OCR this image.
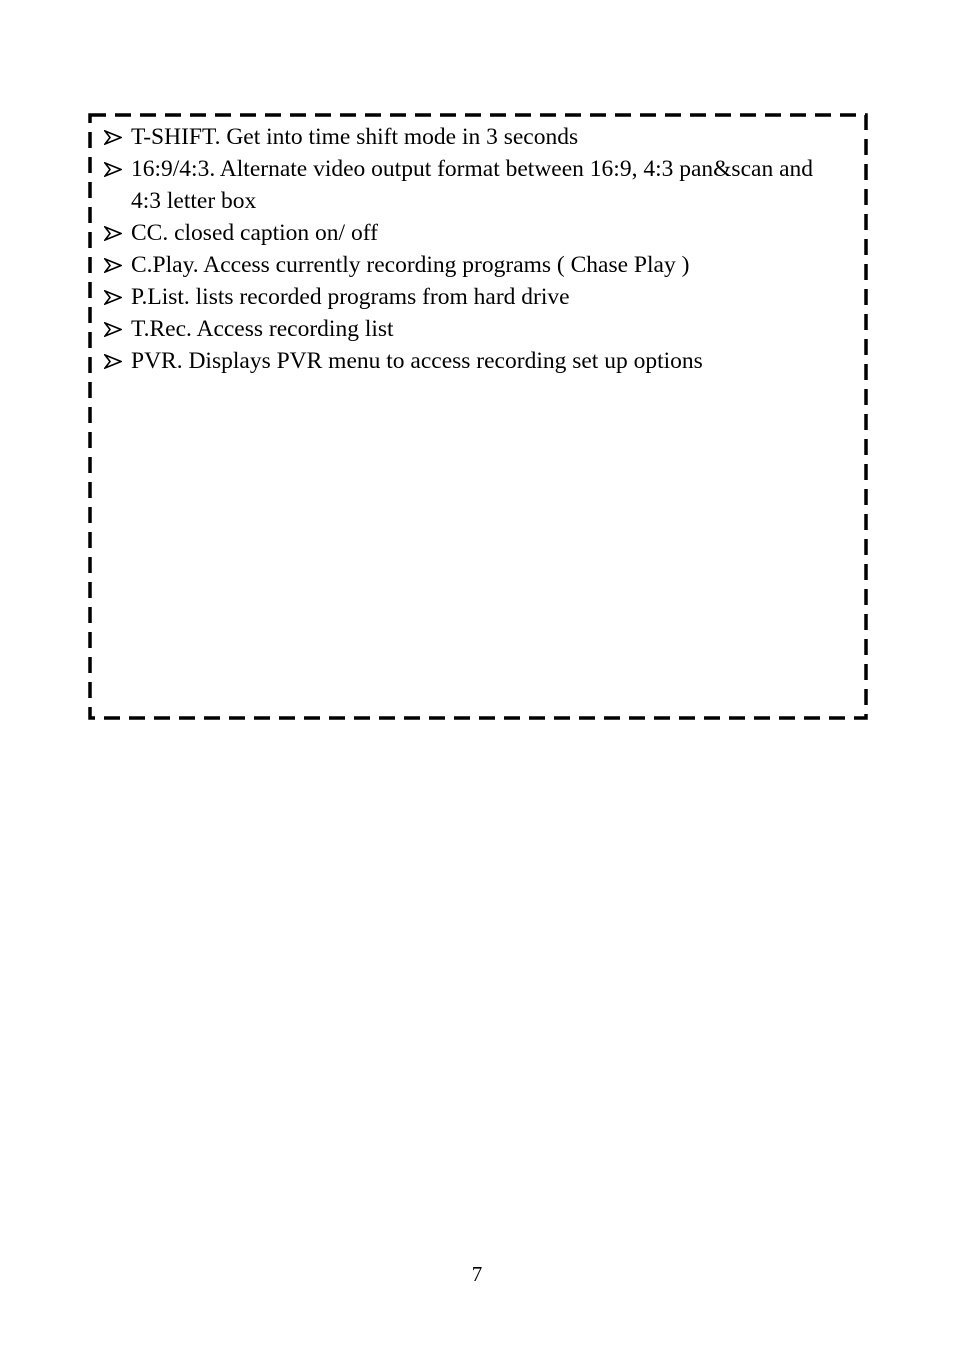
T-SHIFT. Get into time shift mode in 3 seconds
16:9/4:3. Alternate video output format between 16:9, 4:3 pan&scan and 4:3 letter box
CC. closed caption on/ off
C.Play. Access currently recording programs ( Chase Play )
P.List. lists recorded programs from hard drive
T.Rec. Access recording list
PVR. Displays PVR menu to access recording set up options
7
